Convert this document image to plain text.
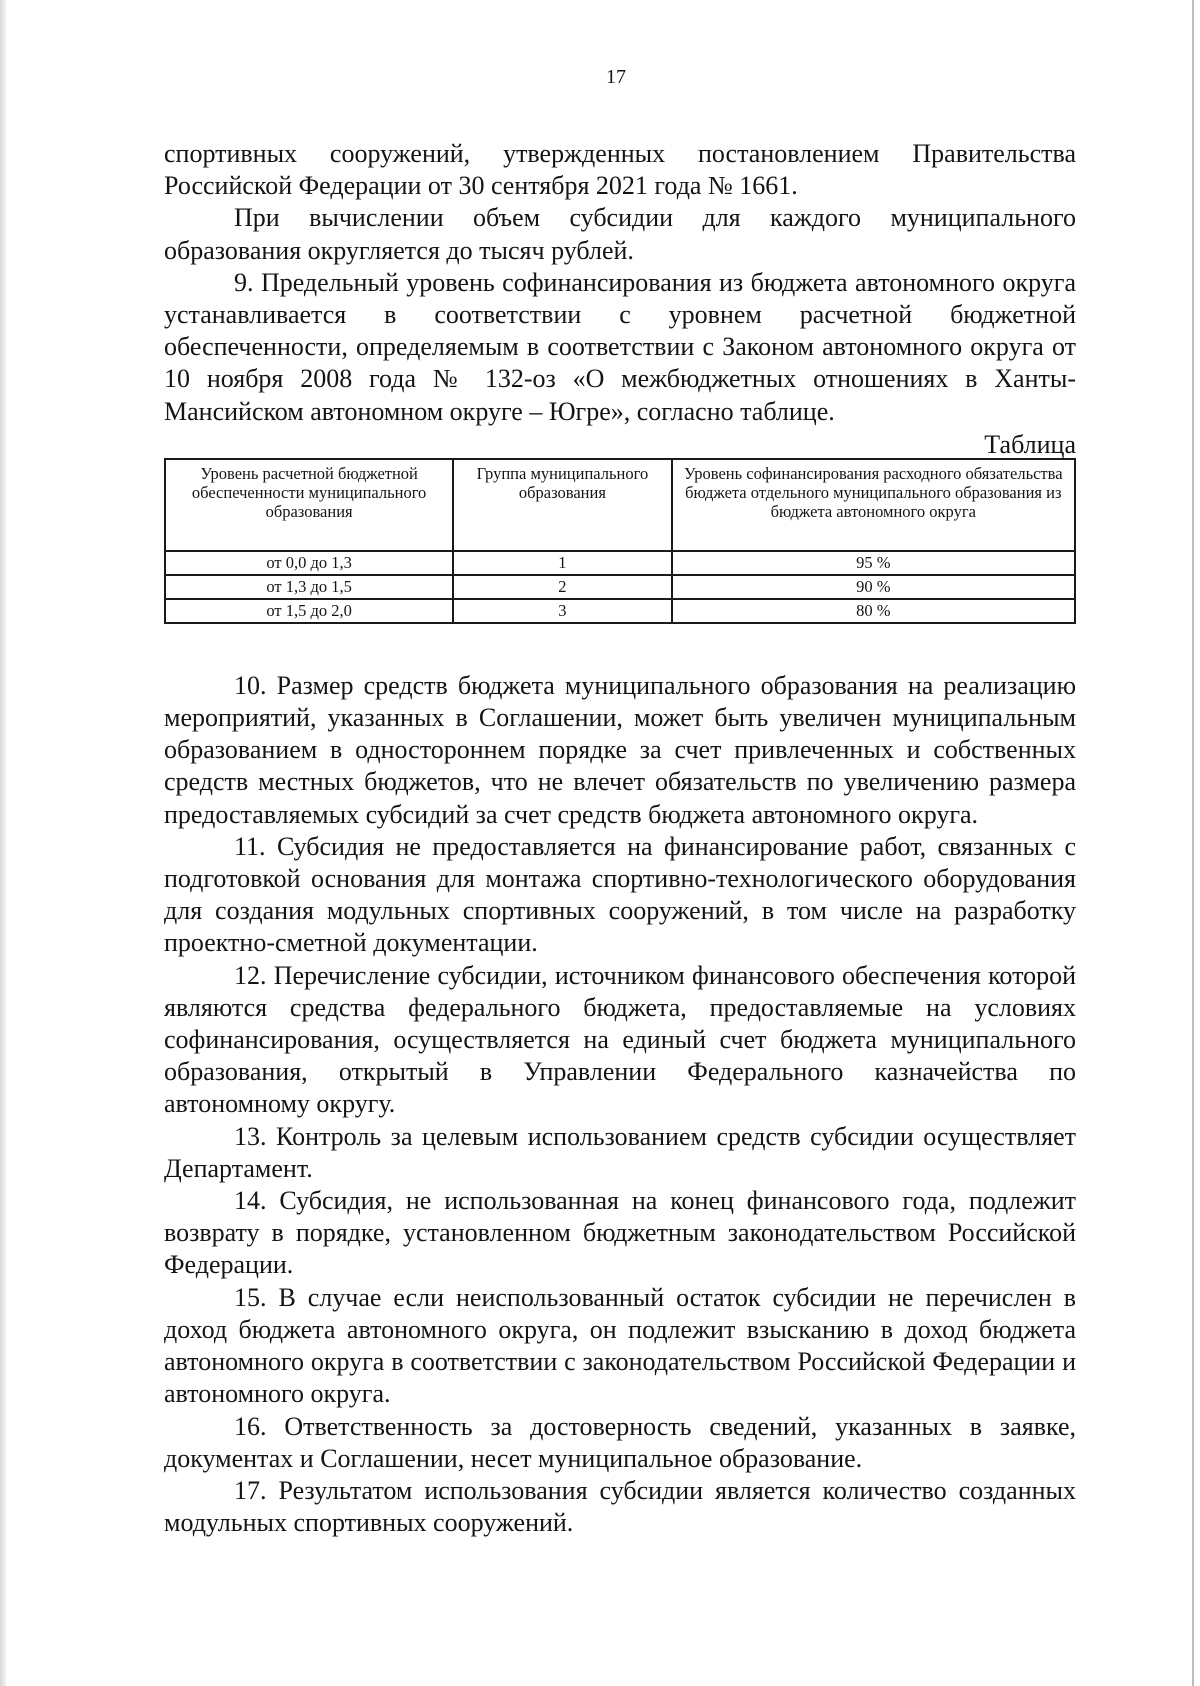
17

спортивных сооружений, утвержденных постановлением Правительства Российской Федерации от 30 сентября 2021 года № 1661.

При вычислении объем субсидии для каждого муниципального образования округляется до тысяч рублей.

9. Предельный уровень софинансирования из бюджета автономного округа устанавливается в соответствии с уровнем расчетной бюджетной обеспеченности, определяемым в соответствии с Законом автономного округа от 10 ноября 2008 года № 132-оз «О межбюджетных отношениях в Ханты-Мансийском автономном округе – Югре», согласно таблице.

Таблица
Уровень расчетной бюджетной обеспеченности муниципального образования	Группа муниципального образования	Уровень софинансирования расходного обязательства бюджета отдельного муниципального образования из бюджета автономного округа
от 0,0 до 1,3	1	95 %
от 1,3 до 1,5	2	90 %
от 1,5 до 2,0	3	80 %

10. Размер средств бюджета муниципального образования на реализацию мероприятий, указанных в Соглашении, может быть увеличен муниципальным образованием в одностороннем порядке за счет привлеченных и собственных средств местных бюджетов, что не влечет обязательств по увеличению размера предоставляемых субсидий за счет средств бюджета автономного округа.

11. Субсидия не предоставляется на финансирование работ, связанных с подготовкой основания для монтажа спортивно-технологического оборудования для создания модульных спортивных сооружений, в том числе на разработку проектно-сметной документации.

12. Перечисление субсидии, источником финансового обеспечения которой являются средства федерального бюджета, предоставляемые на условиях софинансирования, осуществляется на единый счет бюджета муниципального образования, открытый в Управлении Федерального казначейства по автономному округу.

13. Контроль за целевым использованием средств субсидии осуществляет Департамент.

14. Субсидия, не использованная на конец финансового года, подлежит возврату в порядке, установленном бюджетным законодательством Российской Федерации.

15. В случае если неиспользованный остаток субсидии не перечислен в доход бюджета автономного округа, он подлежит взысканию в доход бюджета автономного округа в соответствии с законодательством Российской Федерации и автономного округа.

16. Ответственность за достоверность сведений, указанных в заявке, документах и Соглашении, несет муниципальное образование.

17. Результатом использования субсидии является количество созданных модульных спортивных сооружений.
